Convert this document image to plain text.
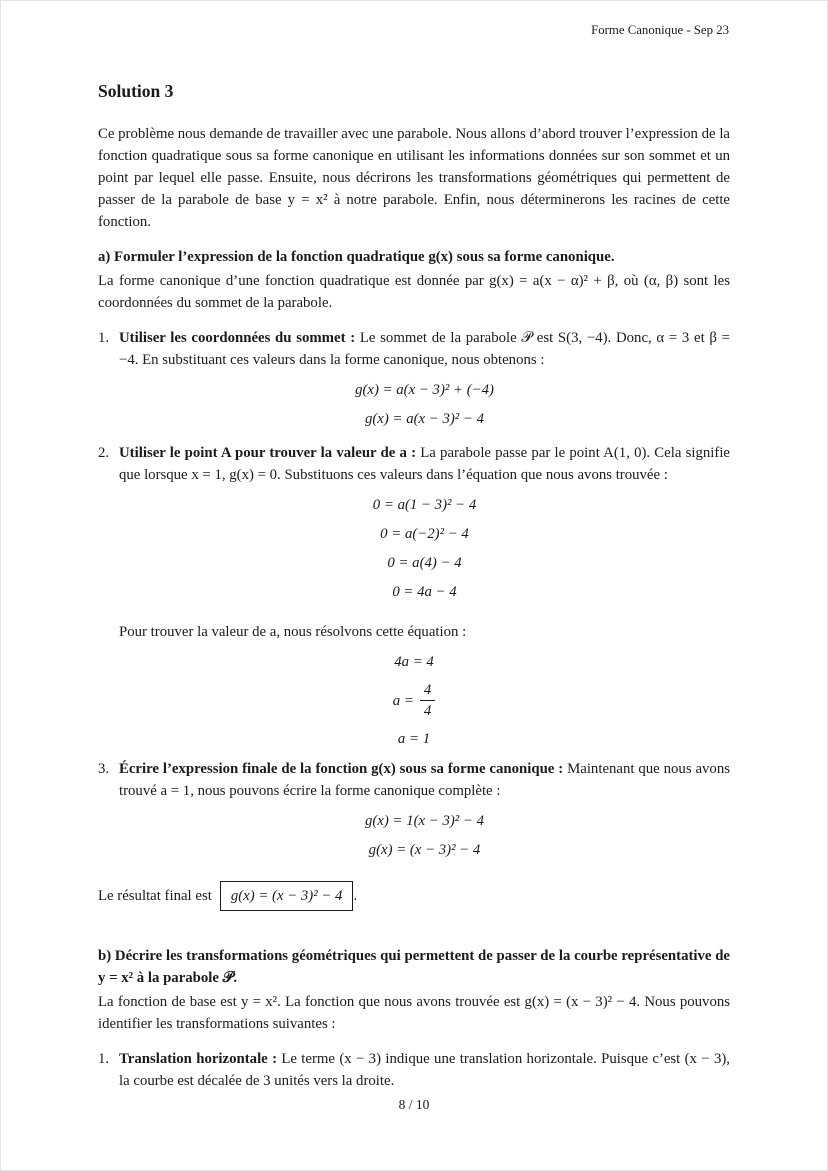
Forme Canonique - Sep 23
Solution 3

Ce problème nous demande de travailler avec une parabole. Nous allons d’abord trouver l’expression de la fonction quadratique sous sa forme canonique en utilisant les informations données sur son sommet et un point par lequel elle passe. Ensuite, nous décrirons les transformations géométriques qui permettent de passer de la parabole de base y = x² à notre parabole. Enfin, nous déterminerons les racines de cette fonction.

a) Formuler l’expression de la fonction quadratique g(x) sous sa forme canonique.

La forme canonique d’une fonction quadratique est donnée par g(x) = a(x − α)² + β, où (α, β) sont les coordonnées du sommet de la parabole.

1. Utiliser les coordonnées du sommet : Le sommet de la parabole 𝒫 est S(3, −4). Donc, α = 3 et β = −4. En substituant ces valeurs dans la forme canonique, nous obtenons :
g(x) = a(x − 3)² + (−4)
g(x) = a(x − 3)² − 4
2. Utiliser le point A pour trouver la valeur de a : La parabole passe par le point A(1, 0). Cela signifie que lorsque x = 1, g(x) = 0. Substituons ces valeurs dans l’équation que nous avons trouvée :
0 = a(1 − 3)² − 4
0 = a(−2)² − 4
0 = a(4) − 4
0 = 4a − 4

Pour trouver la valeur de a, nous résolvons cette équation :

4a = 4
$a = \frac{4}{4}$
a = 1
3. Écrire l’expression finale de la fonction g(x) sous sa forme canonique : Maintenant que nous avons trouvé a = 1, nous pouvons écrire la forme canonique complète :
g(x) = 1(x − 3)² − 4
g(x) = (x − 3)² − 4

Le résultat final est g(x) = (x − 3)² − 4 .

b) Décrire les transformations géométriques qui permettent de passer de la courbe représentative de y = x² à la parabole 𝒫.

La fonction de base est y = x². La fonction que nous avons trouvée est g(x) = (x − 3)² − 4. Nous pouvons identifier les transformations suivantes :

1. Translation horizontale : Le terme (x − 3) indique une translation horizontale. Puisque c’est (x − 3), la courbe est décalée de 3 unités vers la droite.
8 / 10
